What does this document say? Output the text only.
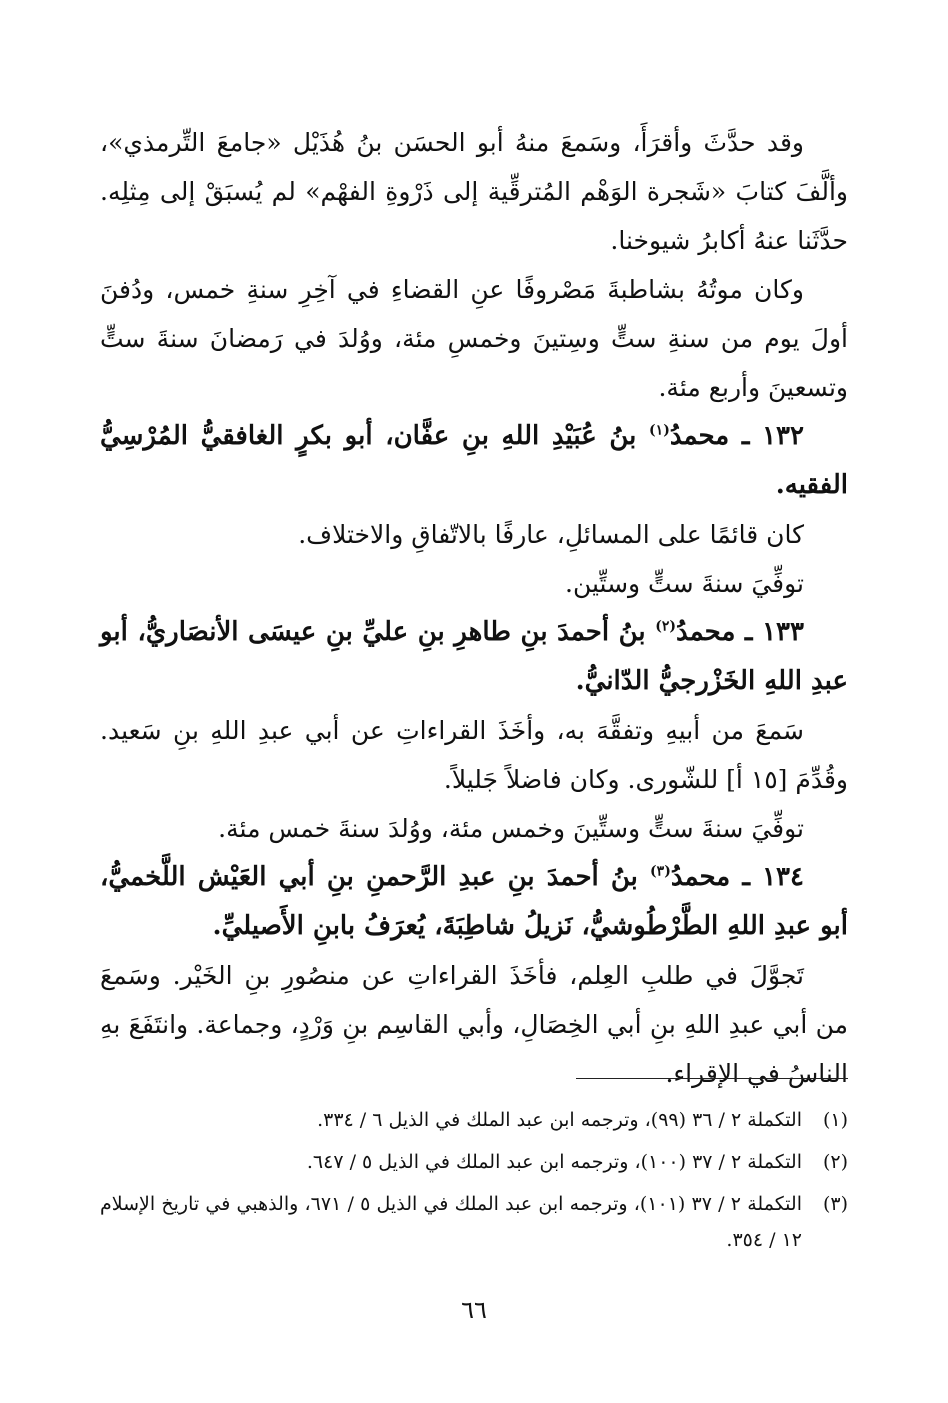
وقد حدَّثَ وأقرَأَ، وسَمعَ منهُ أبو الحسَن بنُ هُذَيْل «جامعَ التِّرمذي»، وألَّفَ كتابَ «شَجرة الوَهْم المُترقِّية إلى ذَرْوةِ الفهْم» لم يُسبَقْ إلى مِثلِه. حدَّثَنا عنهُ أكابرُ شيوخنا.

وكان موتُهُ بشاطبةَ مَصْروفًا عنِ القضاءِ في آخِرِ سنةِ خمس، ودُفنَ أولَ يوم من سنةِ ستٍّ وسِتينَ وخمسِ مئة، ووُلدَ في رَمضانَ سنةَ ستٍّ وتسعينَ وأربع مئة.

١٣٢ ـ محمدُ$^{(١)}$ بنُ عُبَيْدِ اللهِ بنِ عفَّان، أبو بكرٍ الغافقيُّ المُرْسِيُّ الفقيه.

كان قائمًا على المسائلِ، عارفًا بالاتّفاقِ والاختلاف.

توفِّيَ سنةَ ستٍّ وستِّين.

١٣٣ ـ محمدُ$^{(٢)}$ بنُ أحمدَ بنِ طاهرِ بنِ عليِّ بنِ عيسَى الأنصَاريُّ، أبو عبدِ اللهِ الخَزْرجيُّ الدّانيُّ.

سَمعَ من أبيهِ وتفقَّهَ به، وأخَذَ القراءاتِ عن أبي عبدِ اللهِ بنِ سَعيد. وقُدِّمَ [١٥ أ] للشّورى. وكان فاضلاً جَليلاً.

توفِّيَ سنةَ ستٍّ وستِّينَ وخمس مئة، ووُلدَ سنةَ خمس مئة.

١٣٤ ـ محمدُ$^{(٣)}$ بنُ أحمدَ بنِ عبدِ الرَّحمنِ بنِ أبي العَيْش اللَّخميُّ، أبو عبدِ اللهِ الطَّرْطُوشيُّ، نَزيلُ شاطِبَةَ، يُعرَفُ بابنِ الأَصيليِّ.

تَجوَّلَ في طلبِ العِلم، فأخَذَ القراءاتِ عن منصُورِ بنِ الخَيْر. وسَمعَ من أبي عبدِ اللهِ بنِ أبي الخِصَالِ، وأبي القاسِم بنِ وَرْدٍ، وجماعة. وانتَفَعَ بهِ الناسُ في الإقراء.

(١)
التكملة ٢ / ٣٦ (٩٩)، وترجمه ابن عبد الملك في الذيل ٦ / ٣٣٤.
(٢)
التكملة ٢ / ٣٧ (١٠٠)، وترجمه ابن عبد الملك في الذيل ٥ / ٦٤٧.
(٣)
التكملة ٢ / ٣٧ (١٠١)، وترجمه ابن عبد الملك في الذيل ٥ / ٦٧١، والذهبي في تاريخ الإسلام ١٢ / ٣٥٤.
٦٦
